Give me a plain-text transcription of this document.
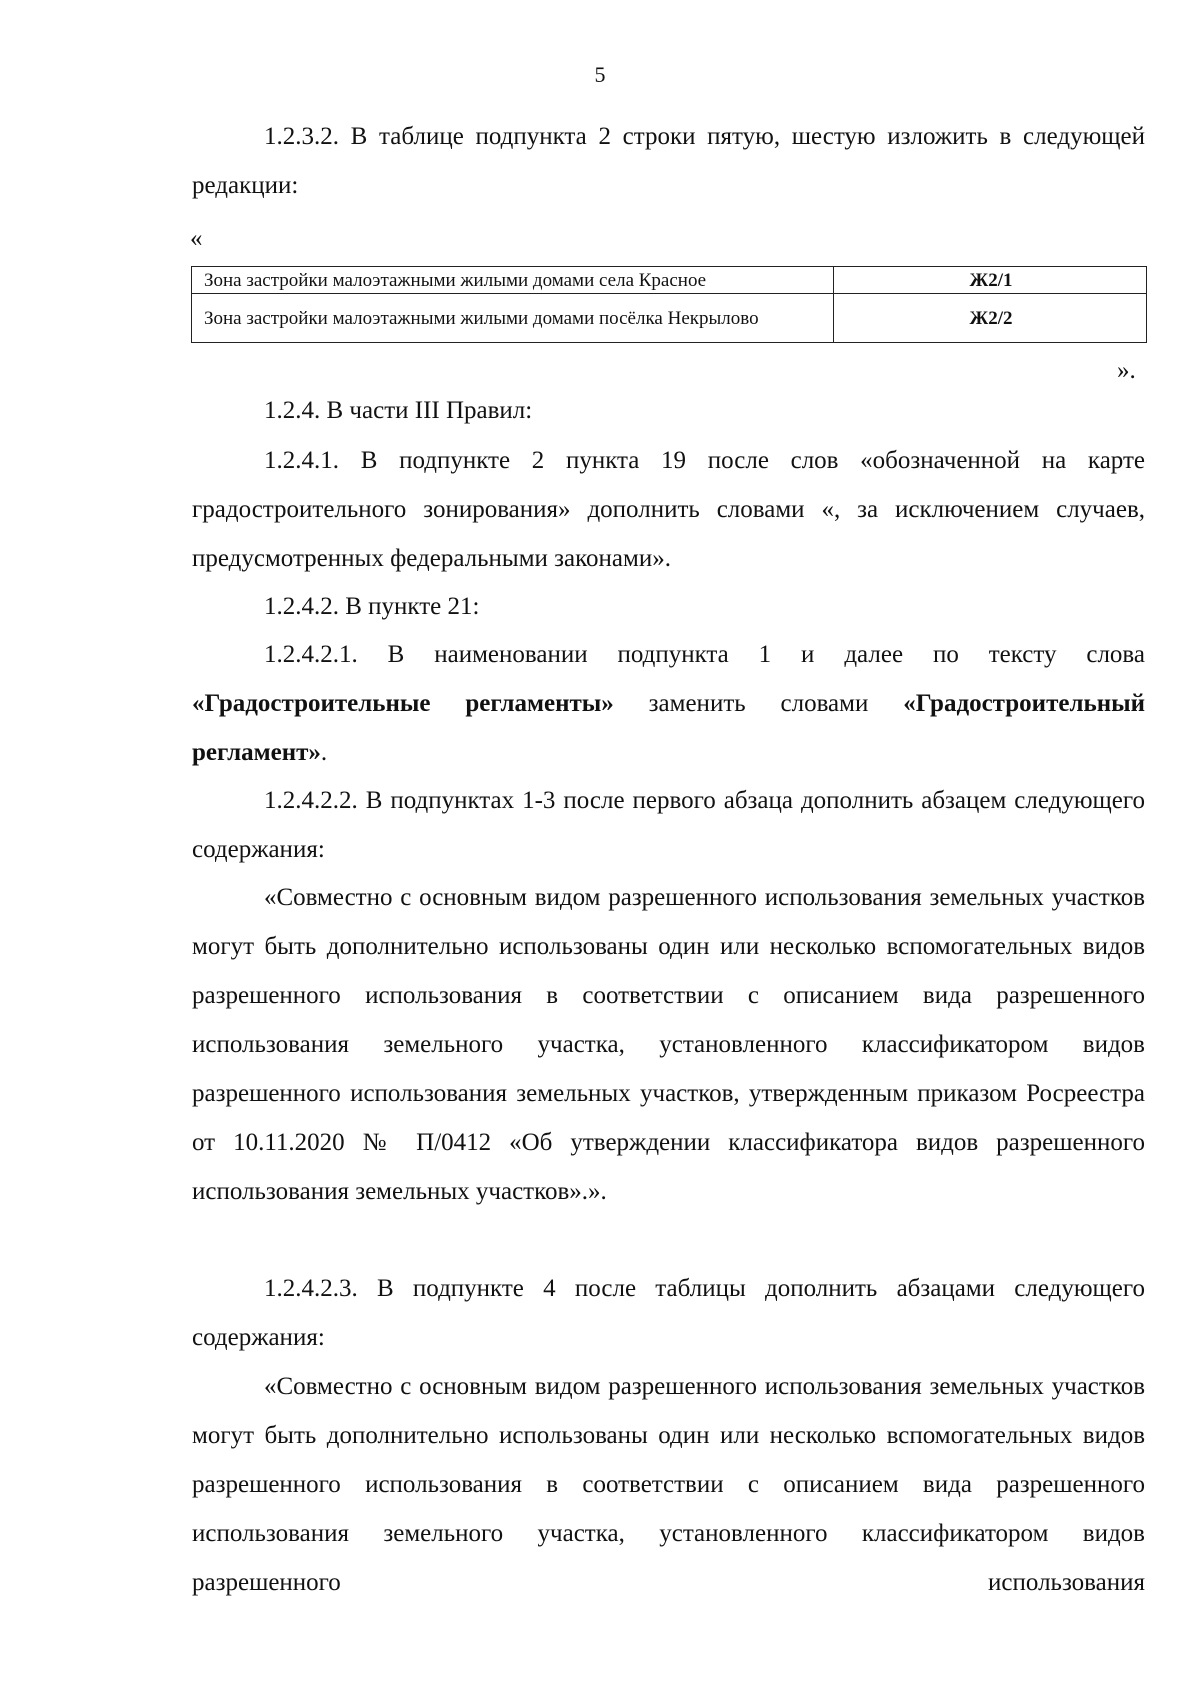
5

1.2.3.2. В таблице подпункта 2 строки пятую, шестую изложить в следующей редакции:

«
Зона застройки малоэтажными жилыми домами села Красное	Ж2/1
Зона застройки малоэтажными жилыми домами посёлка Некрылово	Ж2/2
».

1.2.4. В части III Правил:

1.2.4.1. В подпункте 2 пункта 19 после слов «обозначенной на карте градостроительного зонирования» дополнить словами «, за исключением случаев, предусмотренных федеральными законами».

1.2.4.2. В пункте 21:

1.2.4.2.1. В наименовании подпункта 1 и далее по тексту слова «Градостроительные регламенты» заменить словами «Градостроительный регламент».

1.2.4.2.2. В подпунктах 1-3 после первого абзаца дополнить абзацем следующего содержания:

«Совместно с основным видом разрешенного использования земельных участков могут быть дополнительно использованы один или несколько вспомогательных видов разрешенного использования в соответствии с описанием вида разрешенного использования земельного участка, установленного классификатором видов разрешенного использования земельных участков, утвержденным приказом Росреестра от 10.11.2020 № П/0412 «Об утверждении классификатора видов разрешенного использования земельных участков».».

1.2.4.2.3. В подпункте 4 после таблицы дополнить абзацами следующего содержания:

«Совместно с основным видом разрешенного использования земельных участков могут быть дополнительно использованы один или несколько вспомогательных видов разрешенного использования в соответствии с описанием вида разрешенного использования земельного участка, установленного классификатором видов разрешенного использования
